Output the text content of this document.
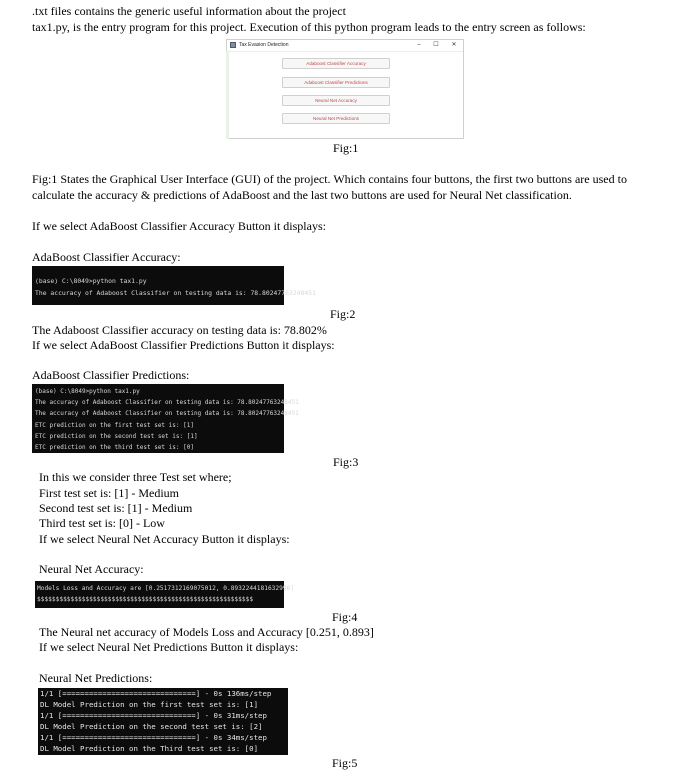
.txt files contains the generic useful information about the project
tax1.py, is the entry program for this project. Execution of this python program leads to the entry screen as follows:
Tax Evasion Detection	–	☐	✕
Adaboost Classifier Accuracy
Adaboost Classifier Predictions
Neural Net Accuracy
Neural Net Predictions
Fig:1
Fig:1 States the Graphical User Interface (GUI) of the project. Which contains four buttons, the first two buttons are used to
calculate the accuracy & predictions of AdaBoost and the last two buttons are used for Neural Net classification.
If we select AdaBoost Classifier Accuracy Button it displays:
AdaBoost Classifier Accuracy:
(base) C:\8049>python tax1.py
The accuracy of Adaboost Classifier on testing data is: 78.80247763248451
Fig:2
The Adaboost Classifier accuracy on testing data is: 78.802%
If we select AdaBoost Classifier Predictions Button it displays:
AdaBoost Classifier Predictions:
(base) C:\8049>python tax1.py
The accuracy of Adaboost Classifier on testing data is: 78.80247763248451
The accuracy of Adaboost Classifier on testing data is: 78.80247763248451
ETC prediction on the first test set is: [1]
ETC prediction on the second test set is: [1]
ETC prediction on the third test set is: [0]
Fig:3
In this we consider three Test set where;
First test set is: [1] - Medium
Second test set is: [1] - Medium
Third test set is: [0] - Low
If we select Neural Net Accuracy Button it displays:
Neural Net Accuracy:
Models Loss and Accuracy are [0.2517312169075012, 0.8932244181632996]
$$$$$$$$$$$$$$$$$$$$$$$$$$$$$$$$$$$$$$$$$$$$$$$$$$$$$$$$$$
Fig:4
The Neural net accuracy of Models Loss and Accuracy [0.251, 0.893]
If we select Neural Net Predictions Button it displays:
Neural Net Predictions:
1/1 [==============================] - 0s 136ms/step
DL Model Prediction on the first test set is: [1]
1/1 [==============================] - 0s 31ms/step
DL Model Prediction on the second test set is: [2]
1/1 [==============================] - 0s 34ms/step
DL Model Prediction on the Third test set is: [0]
Fig:5
